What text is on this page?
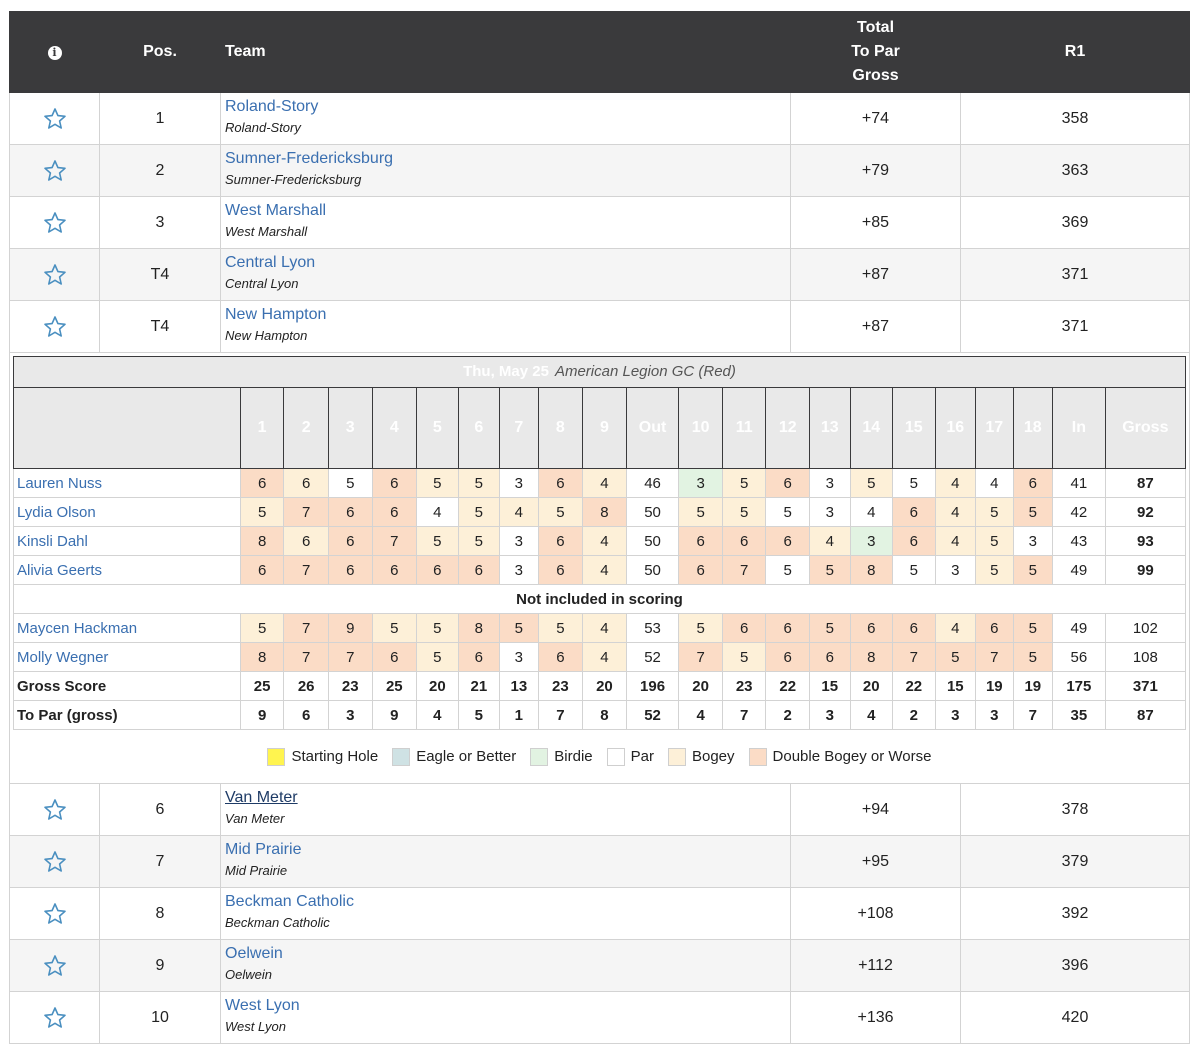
i	Pos.	Team	Total
To Par
Gross	R1

	1	
Roland-Story
Roland-Story
	+74	358

	2	
Sumner-Fredericksburg
Sumner-Fredericksburg
	+79	363

	3	
West Marshall
West Marshall
	+85	369

	T4	
Central Lyon
Central Lyon
	+87	371

	T4	
New Hampton
New Hampton
	+87	371

Thu, May 25 American Legion GC (Red)
	1	2	3	4	5	6	7	8	9	Out	10	11	12	13	14	15	16	17	18	In	Gross
Lauren Nuss	6	6	5	6	5	5	3	6	4	46	3	5	6	3	5	5	4	4	6	41	87
Lydia Olson	5	7	6	6	4	5	4	5	8	50	5	5	5	3	4	6	4	5	5	42	92
Kinsli Dahl	8	6	6	7	5	5	3	6	4	50	6	6	6	4	3	6	4	5	3	43	93
Alivia Geerts	6	7	6	6	6	6	3	6	4	50	6	7	5	5	8	5	3	5	5	49	99
Not included in scoring
Maycen Hackman	5	7	9	5	5	8	5	5	4	53	5	6	6	5	6	6	4	6	5	49	102
Molly Wegner	8	7	7	6	5	6	3	6	4	52	7	5	6	6	8	7	5	7	5	56	108
Gross Score	25	26	23	25	20	21	13	23	20	196	20	23	22	15	20	22	15	19	19	175	371
To Par (gross)	9	6	3	9	4	5	1	7	8	52	4	7	2	3	4	2	3	3	7	35	87
Starting Hole	Eagle or Better	Birdie	Par	Bogey	Double Bogey or Worse

	6	
Van Meter
Van Meter
	+94	378

	7	
Mid Prairie
Mid Prairie
	+95	379

	8	
Beckman Catholic
Beckman Catholic
	+108	392

	9	
Oelwein
Oelwein
	+112	396

	10	
West Lyon
West Lyon
	+136	420
